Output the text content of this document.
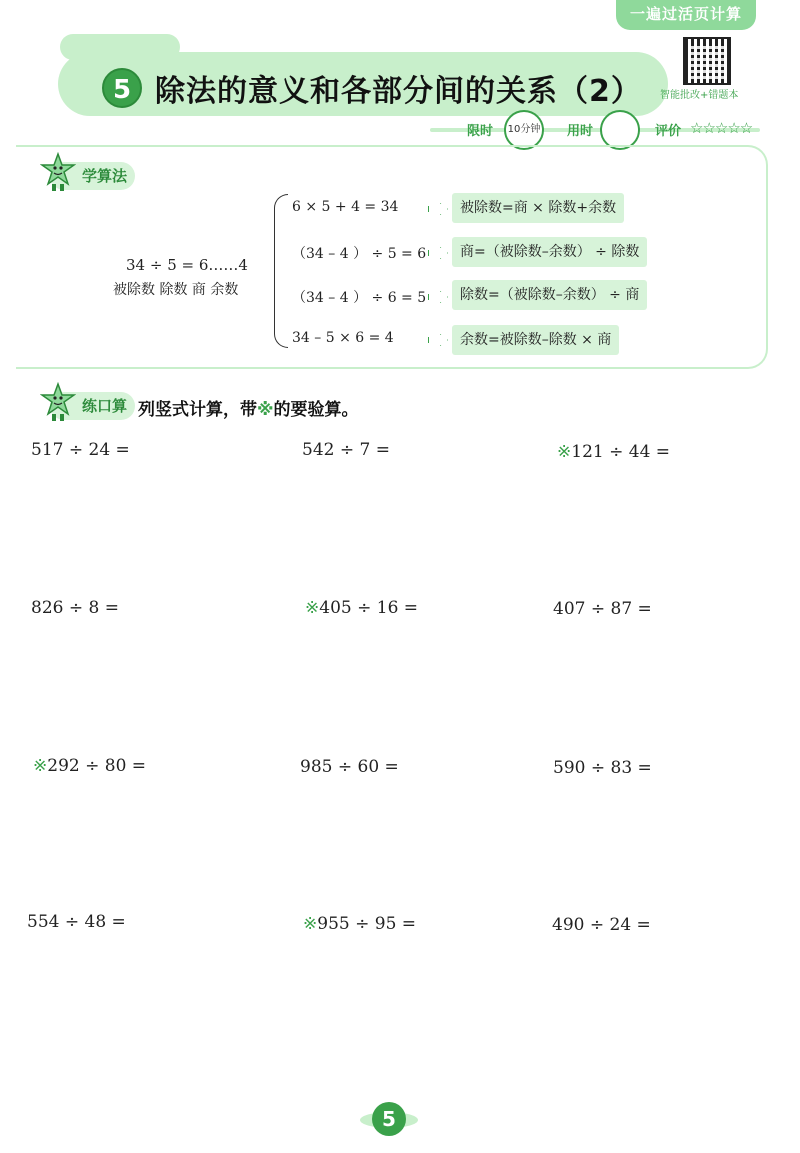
一遍过活页计算
5 除法的意义和各部分间的关系（2） 智能批改+错题本
限时	10分钟 用时	评价 ☆☆☆☆☆
学算法
34 ÷ 5 = 6……4
被除数 除数 商 余数
6 × 5 + 4 = 34	被除数=商 × 除数+余数
（34 – 4 ） ÷ 5 = 6	商=（被除数–余数） ÷ 除数
（34 – 4 ） ÷ 6 = 5	除数=（被除数–余数） ÷ 商
34 – 5 × 6 = 4	余数=被除数–除数 × 商
练口算 列竖式计算，带※的要验算。
517 ÷ 24 =	542 ÷ 7 =	※121 ÷ 44 =
826 ÷ 8 =	※405 ÷ 16 =	407 ÷ 87 =
※292 ÷ 80 =	985 ÷ 60 =	590 ÷ 83 =
554 ÷ 48 =	※955 ÷ 95 =	490 ÷ 24 =
5
